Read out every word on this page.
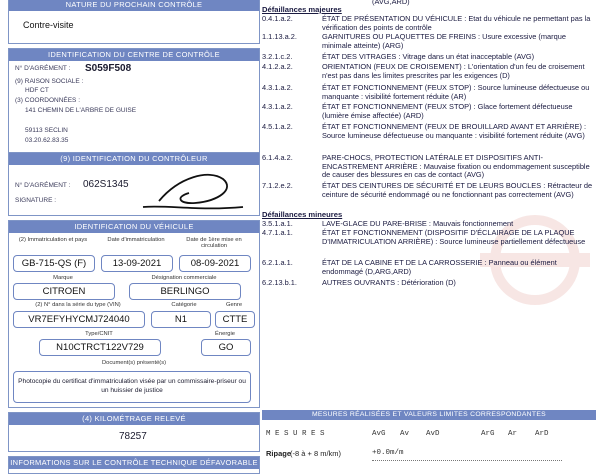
NATURE DU PROCHAIN CONTRÔLE
Contre-visite
IDENTIFICATION DU CENTRE DE CONTRÔLE
N° D'AGRÉMENT : S059F508
(9) RAISON SOCIALE :
HDF CT
(3) COORDONNÉES :
141 CHEMIN DE L'ARBRE DE GUISE
59113 SECLIN
03.20.62.83.35
(9) IDENTIFICATION DU CONTRÔLEUR
N° D'AGRÉMENT : 062S1345
SIGNATURE :
IDENTIFICATION DU VÉHICULE
(2) Immatriculation et pays	Date d'immatriculation	Date de 1ère mise en circulation
GB-715-QS (F)	13-09-2021	08-09-2021
Marque	Désignation commerciale
CITROEN	BERLINGO
(2) N° dans la série du type (VIN)	Catégorie	Genre
VR7EFYHYCMJ724040	N1	CTTE
Type/CNIT	Énergie
N10CTRCT122V729	GO
Document(s) présenté(s)
Photocopie du certificat d'immatriculation visée par un commissaire-priseur ou un huissier de justice
(4) KILOMÉTRAGE RELEVÉ
78257
INFORMATIONS SUR LE CONTRÔLE TECHNIQUE DÉFAVORABLE
(AVG,ARD)
Défaillances majeures
0.4.1.a.2.	ÉTAT DE PRÉSENTATION DU VÉHICULE : Etat du véhicule ne permettant pas la vérification des points de contrôle
1.1.13.a.2.	GARNITURES OU PLAQUETTES DE FREINS : Usure excessive (marque minimale atteinte) (ARG)
3.2.1.c.2.	ÉTAT DES VITRAGES : Vitrage dans un état inacceptable (AVG)
4.1.2.a.2.	ORIENTATION (FEUX DE CROISEMENT) : L'orientation d'un feu de croisement n'est pas dans les limites prescrites par les exigences (D)
4.3.1.a.2.	ÉTAT ET FONCTIONNEMENT (FEUX STOP) : Source lumineuse défectueuse ou manquante : visibilité fortement réduite (AR)
4.3.1.a.2.	ÉTAT ET FONCTIONNEMENT (FEUX STOP) : Glace fortement défectueuse (lumière émise affectée) (ARD)
4.5.1.a.2.	ÉTAT ET FONCTIONNEMENT (FEUX DE BROUILLARD AVANT ET ARRIÈRE) : Source lumineuse défectueuse ou manquante : visibilité fortement réduite (AVG)
6.1.4.a.2.	PARE-CHOCS, PROTECTION LATÉRALE ET DISPOSITIFS ANTI-ENCASTREMENT ARRIÈRE : Mauvaise fixation ou endommagement susceptible de causer des blessures en cas de contact (AVG)
7.1.2.e.2.	ÉTAT DES CEINTURES DE SÉCURITÉ ET DE LEURS BOUCLES : Rétracteur de ceinture de sécurité endommagé ou ne fonctionnant pas correctement (AVG)
Défaillances mineures
3.5.1.a.1.	LAVE-GLACE DU PARE-BRISE : Mauvais fonctionnement
4.7.1.a.1.	ÉTAT ET FONCTIONNEMENT (DISPOSITIF D'ÉCLAIRAGE DE LA PLAQUE D'IMMATRICULATION ARRIÈRE) : Source lumineuse partiellement défectueuse
6.2.1.a.1.	ÉTAT DE LA CABINE ET DE LA CARROSSERIE : Panneau ou élément endommagé (D,ARG,ARD)
6.2.13.b.1.	AUTRES OUVRANTS : Détérioration (D)
MESURES RÉALISÉES ET VALEURS LIMITES CORRESPONDANTES
M E S U R E S	AvG Av AvD	ArG Ar ArD
Ripage
(-8 à + 8 m/km)	+0.0m/m
